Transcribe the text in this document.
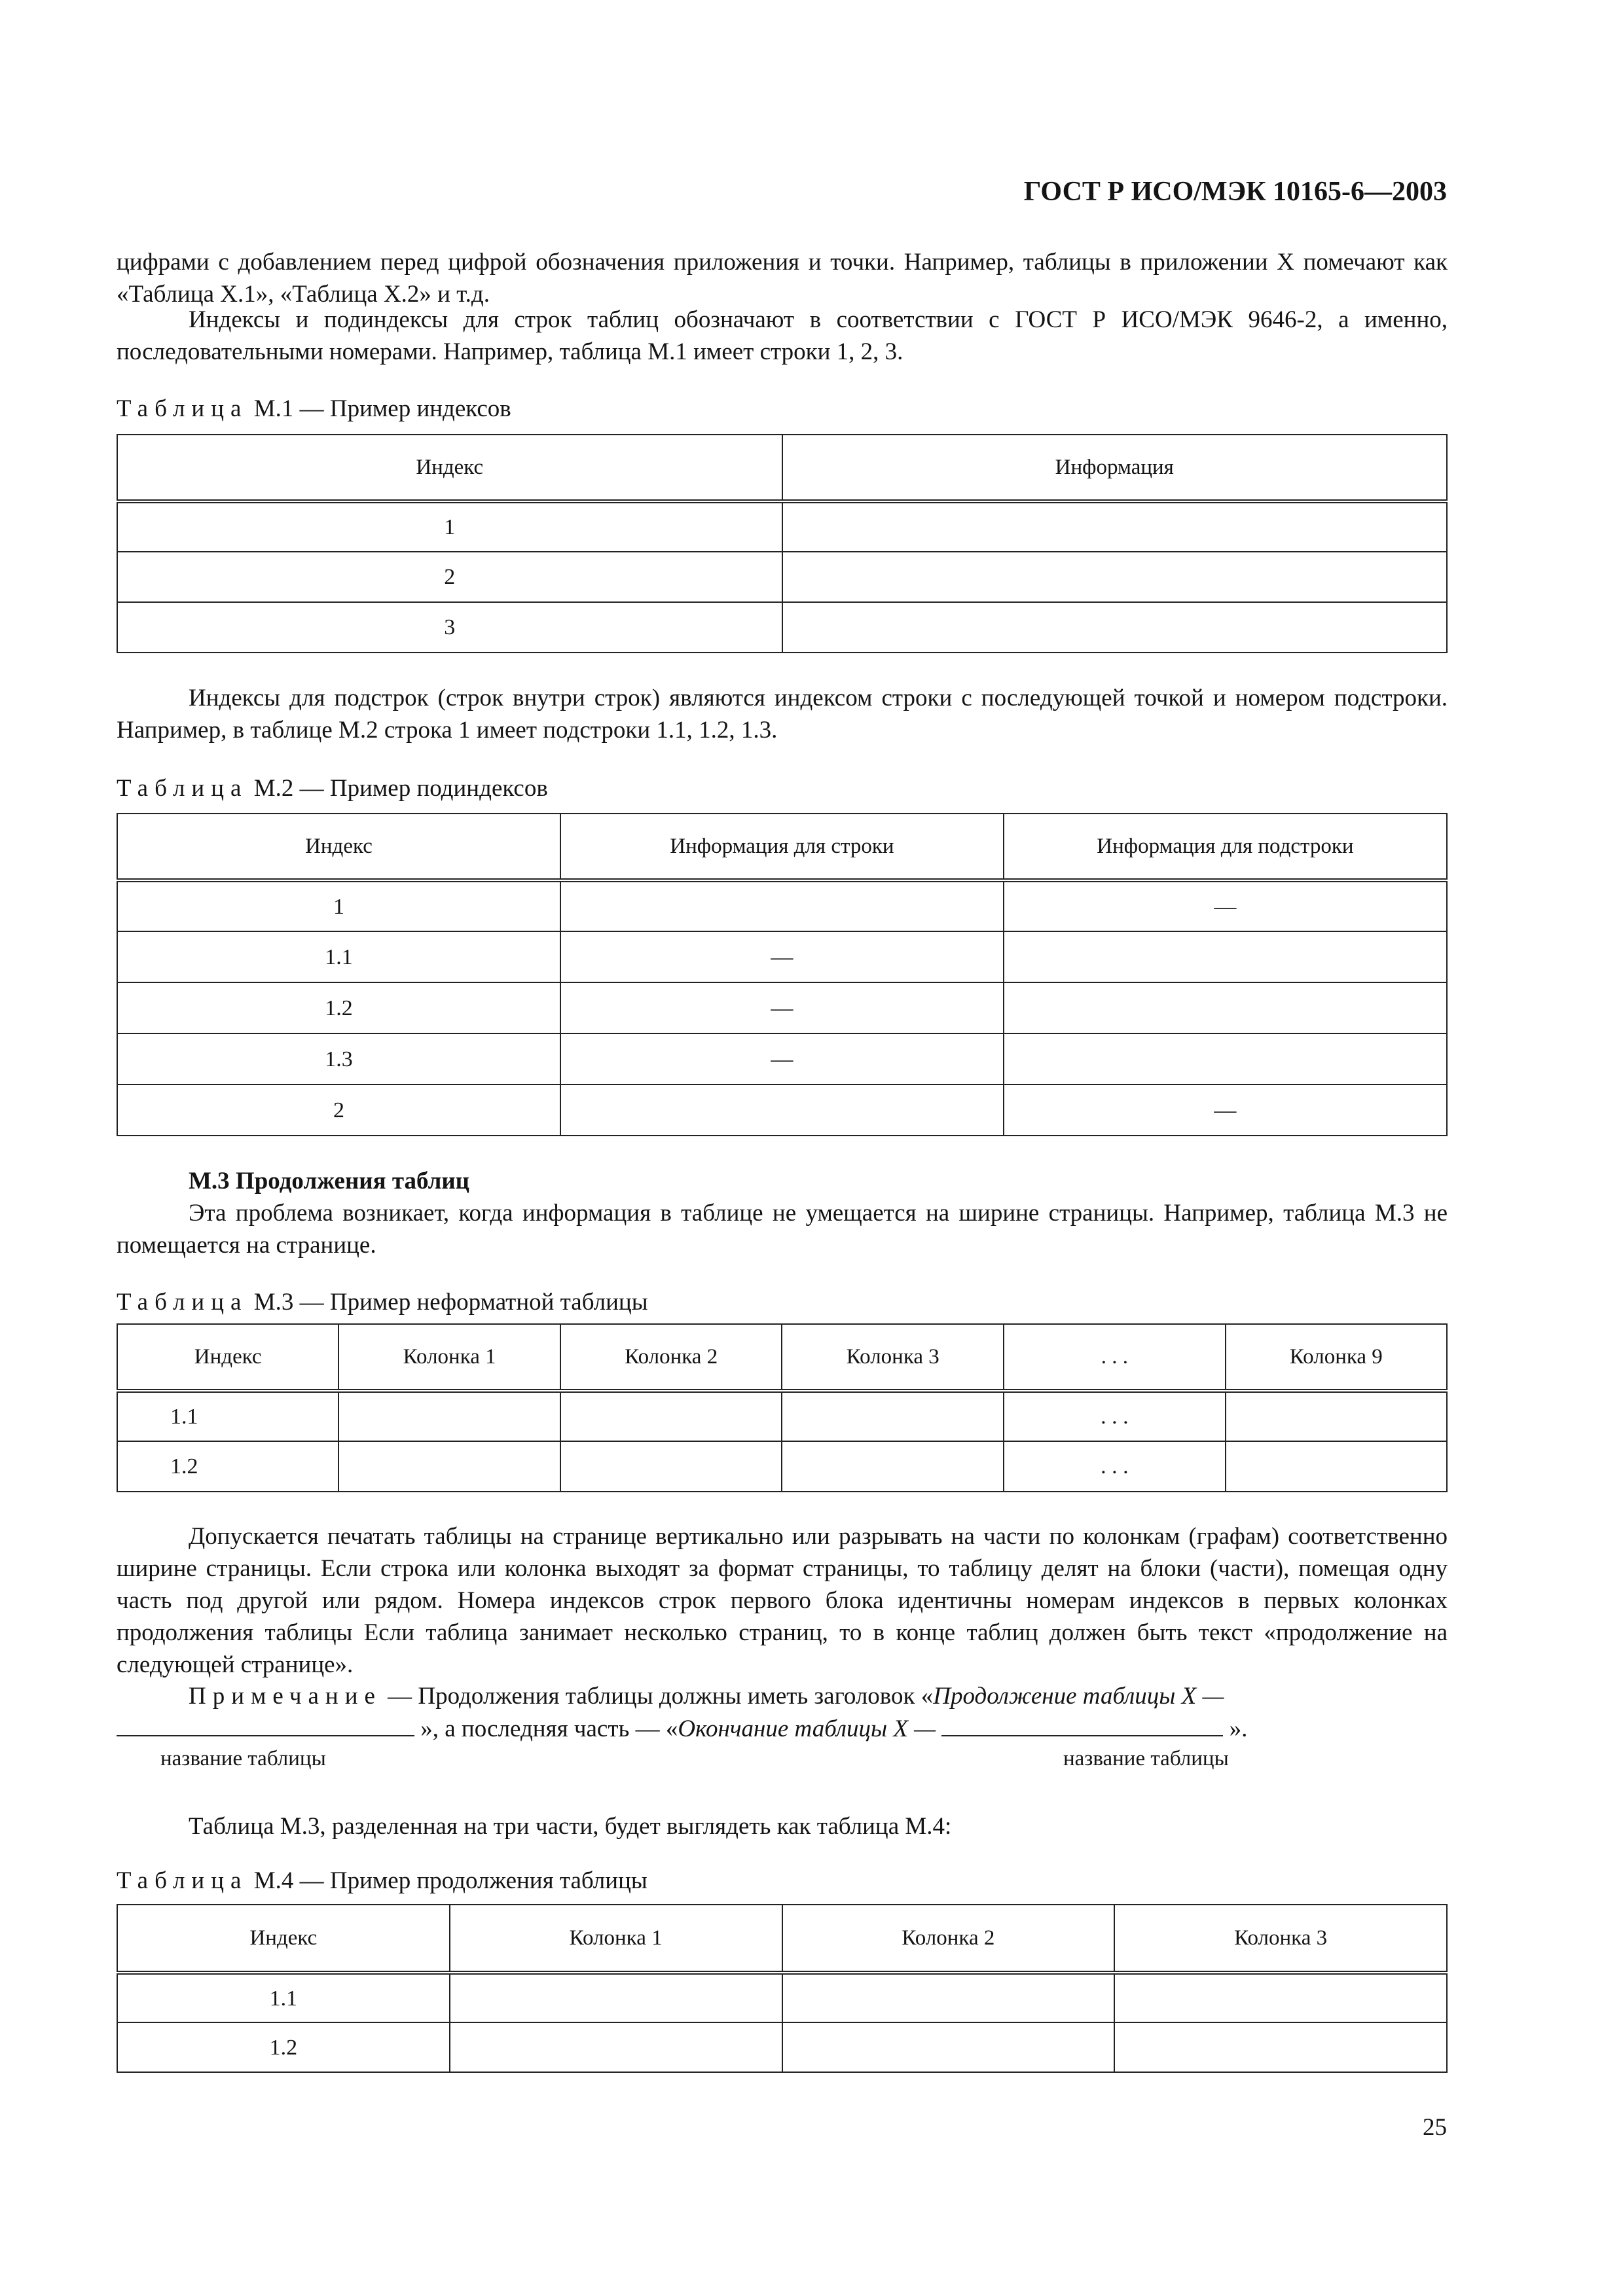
ГОСТ Р ИСО/МЭК 10165-6—2003
цифрами с добавлением перед цифрой обозначения приложения и точки. Например, таблицы в приложении X помечают как «Таблица X.1», «Таблица X.2» и т.д.
Индексы и подиндексы для строк таблиц обозначают в соответствии с ГОСТ Р ИСО/МЭК 9646-2, а именно, последовательными номерами. Например, таблица М.1 имеет строки 1, 2, 3.
Таблица М.1 — Пример индексов
Индекс	Информация
1	
2	
3	
Индексы для подстрок (строк внутри строк) являются индексом строки с последующей точкой и номером подстроки. Например, в таблице М.2 строка 1 имеет подстроки 1.1, 1.2, 1.3.
Таблица М.2 — Пример подиндексов
Индекс	Информация для строки	Информация для подстроки
1		—
1.1	—	
1.2	—	
1.3	—	
2		—
М.3 Продолжения таблиц
Эта проблема возникает, когда информация в таблице не умещается на ширине страницы. Например, таблица М.3 не помещается на странице.
Таблица М.3 — Пример неформатной таблицы
Индекс	Колонка 1	Колонка 2	Колонка 3	. . .	Колонка 9
1.1				. . .	
1.2				. . .	
Допускается печатать таблицы на странице вертикально или разрывать на части по колонкам (графам) соответственно ширине страницы. Если строка или колонка выходят за формат страницы, то таблицу делят на блоки (части), помещая одну часть под другой или рядом. Номера индексов строк первого блока идентичны номерам индексов в первых колонках продолжения таблицы Если таблица занимает несколько страниц, то в конце таблиц должен быть текст «продолжение на следующей странице».
Примечание — Продолжения таблицы должны иметь заголовок «Продолжение таблицы X —
», а последняя часть — «Окончание таблицы X —	».
название таблицы	название таблицы
Таблица М.3, разделенная на три части, будет выглядеть как таблица М.4:
Таблица М.4 — Пример продолжения таблицы
Индекс	Колонка 1	Колонка 2	Колонка 3
1.1			
1.2			
25
